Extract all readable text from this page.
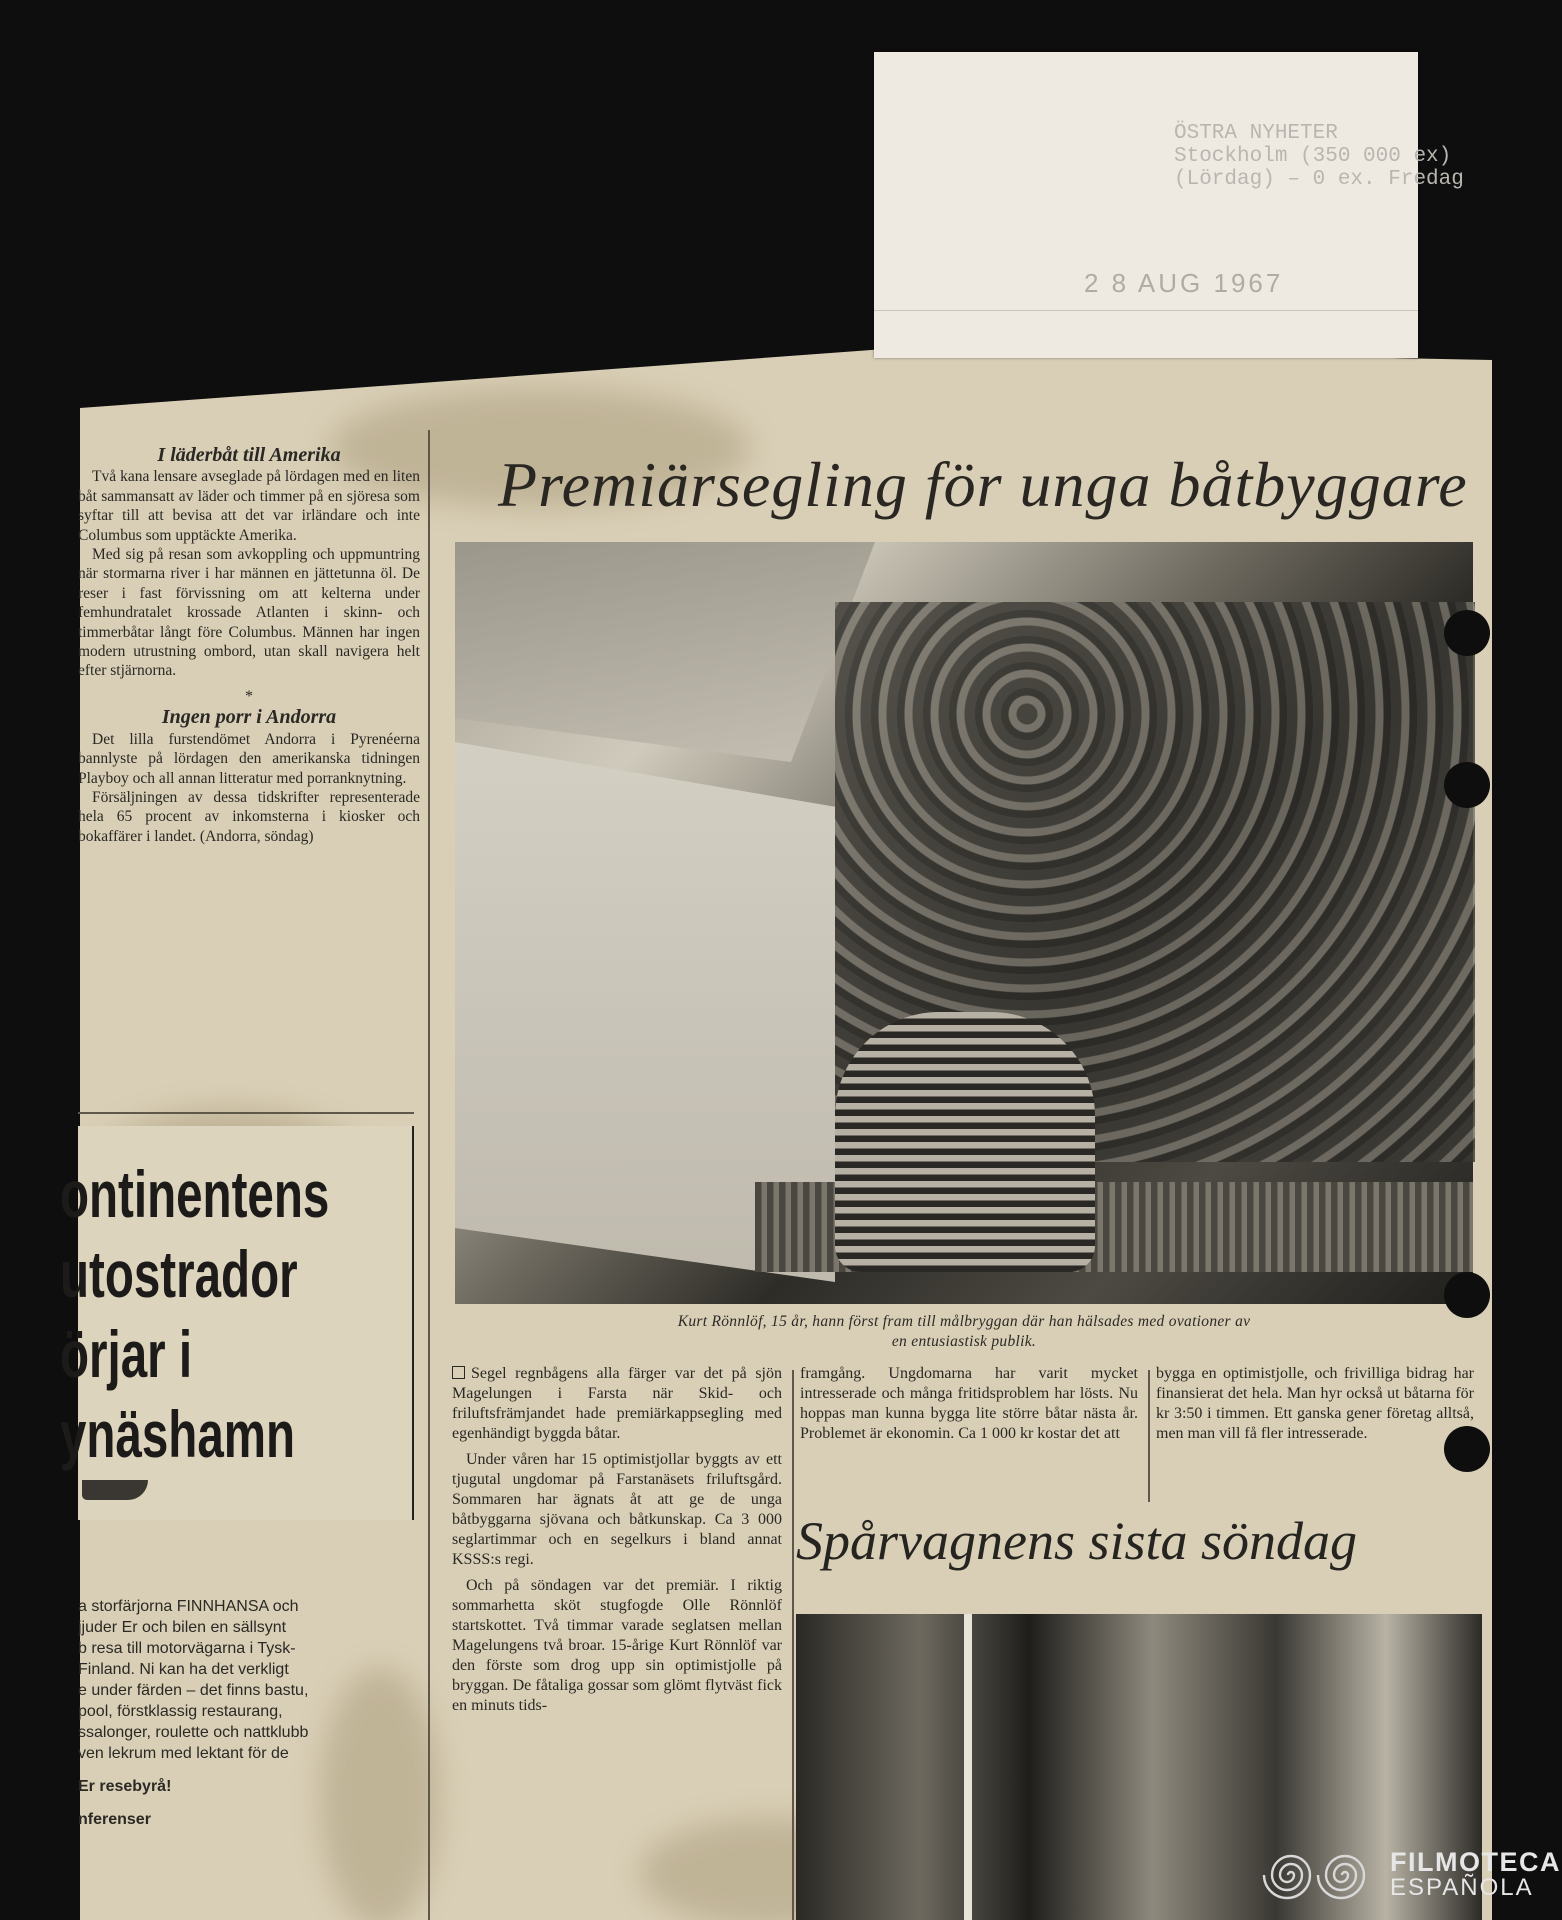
I läderbåt till Amerika

Två kana lensare avseglade på lördagen med en liten båt sammansatt av läder och timmer på en sjöresa som syftar till att bevisa att det var irländare och inte Columbus som upptäckte Amerika.

Med sig på resan som avkoppling och uppmuntring när stormarna river i har männen en jättetunna öl. De reser i fast förvissning om att kelterna under femhundratalet krossade Atlanten i skinn- och timmerbåtar långt före Columbus. Männen har ingen modern utrustning ombord, utan skall navigera helt efter stjärnorna.

*
Ingen porr i Andorra

Det lilla furstendömet Andorra i Pyrenéerna bannlyste på lördagen den amerikanska tidningen Playboy och all annan litteratur med porranknytning.

Försäljningen av dessa tidskrifter representerade hela 65 procent av inkomsterna i kiosker och bokaffärer i landet. (Andorra, söndag)

ontinentens
utostrador
örjar i
ynäshamn
a storfärjorna FINNHANSA och
jjuder Er och bilen en sällsynt
b resa till motorvägarna i Tysk-
Finland. Ni kan ha det verkligt
e under färden – det finns bastu,
pool, förstklassig restaurang,
ssalonger, roulette och nattklubb
ven lekrum med lektant för de
Er resebyrå!
nferenser
Premiärsegling för unga båtbyggare
Kurt Rönnlöf, 15 år, hann först fram till målbryggan där han hälsades med ovationer av
en entusiastisk publik.

Segel regnbågens alla färger var det på sjön Magelungen i Farsta när Skid- och friluftsfrämjandet hade premiärkappsegling med egenhändigt byggda båtar.

Under våren har 15 optimistjollar byggts av ett tjugutal ungdomar på Farstanäsets friluftsgård. Sommaren har ägnats åt att ge de unga båtbyggarna sjövana och båtkunskap. Ca 3 000 seglartimmar och en segelkurs i bland annat KSSS:s regi.

Och på söndagen var det premiär. I riktig sommarhetta sköt stugfogde Olle Rönnlöf startskottet. Två timmar varade seglatsen mellan Magelungens två broar. 15-årige Kurt Rönnlöf var den förste som drog upp sin optimistjolle på bryggan. De fåtaliga gossar som glömt flytväst fick en minuts tids-

framgång. Ungdomarna har varit mycket intresserade och många fritidsproblem har lösts. Nu hoppas man kunna bygga lite större båtar nästa år. Problemet är ekonomin. Ca 1 000 kr kostar det att

bygga en optimistjolle, och frivilliga bidrag har finansierat det hela. Man hyr också ut båtarna för kr 3:50 i timmen. Ett ganska gener företag alltså, men man vill få fler intresserade.

Spårvagnens sista söndag
ÖSTRA NYHETER
Stockholm (350 000 ex)
(Lördag) – 0 ex. Fredag
2 8 AUG 1967
FILMOTECA
ESPAÑOLA
